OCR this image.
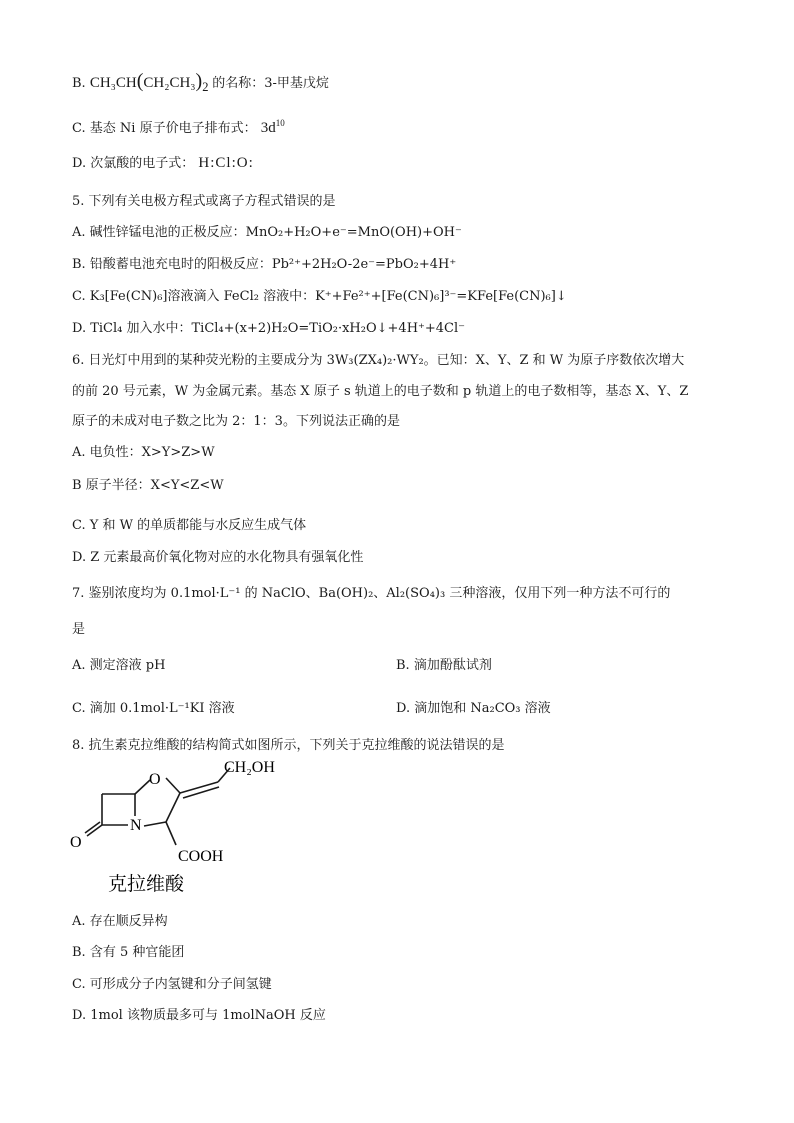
B. $CH_3CH(CH_2CH_3)_2$ 的名称：3-甲基戊烷
C. 基态 Ni 原子价电子排布式： $3d^{10}$
D. 次氯酸的电子式： H:Cl:O:
5. 下列有关电极方程式或离子方程式错误的是
A. 碱性锌锰电池的正极反应：MnO₂+H₂O+e⁻=MnO(OH)+OH⁻
B. 铅酸蓄电池充电时的阳极反应：Pb²⁺+2H₂O-2e⁻=PbO₂+4H⁺
C. K₃[Fe(CN)₆]溶液滴入 FeCl₂ 溶液中：K⁺+Fe²⁺+[Fe(CN)₆]³⁻=KFe[Fe(CN)₆]↓
D. TiCl₄ 加入水中：TiCl₄+(x+2)H₂O=TiO₂·xH₂O↓+4H⁺+4Cl⁻
6. 日光灯中用到的某种荧光粉的主要成分为 3W₃(ZX₄)₂·WY₂。已知：X、Y、Z 和 W 为原子序数依次增大
的前 20 号元素，W 为金属元素。基态 X 原子 s 轨道上的电子数和 p 轨道上的电子数相等，基态 X、Y、Z
原子的未成对电子数之比为 2：1：3。下列说法正确的是
A. 电负性：X>Y>Z>W
B 原子半径：X<Y<Z<W
C. Y 和 W 的单质都能与水反应生成气体
D. Z 元素最高价氧化物对应的水化物具有强氧化性
7. 鉴别浓度均为 0.1mol·L⁻¹ 的 NaClO、Ba(OH)₂、Al₂(SO₄)₃ 三种溶液，仅用下列一种方法不可行的
是
A. 测定溶液 pH	B. 滴加酚酞试剂
C. 滴加 0.1mol·L⁻¹KI 溶液	D. 滴加饱和 Na₂CO₃ 溶液
8. 抗生素克拉维酸的结构简式如图所示，下列关于克拉维酸的说法错误的是
O
N
O
CH₂OH
COOH
克拉维酸
A. 存在顺反异构
B. 含有 5 种官能团
C. 可形成分子内氢键和分子间氢键
D. 1mol 该物质最多可与 1molNaOH 反应
